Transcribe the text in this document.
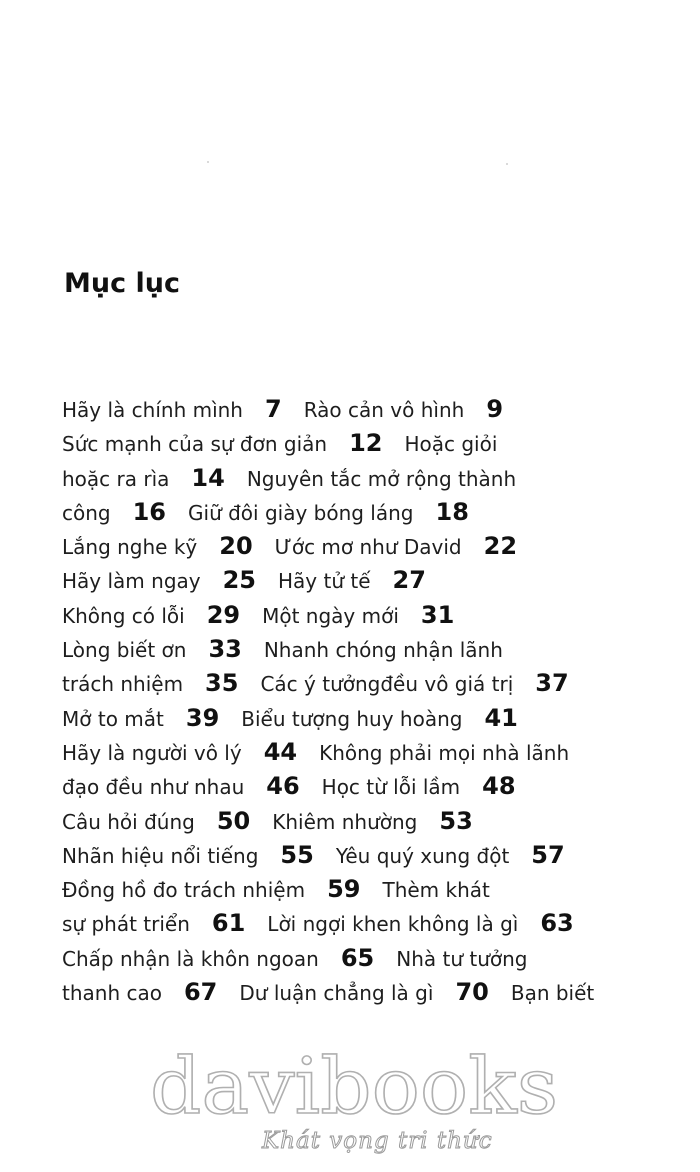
Mục lục
Hãy là chính mình 7 Rào cản vô hình 9
Sức mạnh của sự đơn giản 12 Hoặc giỏi
hoặc ra rìa 14 Nguyên tắc mở rộng thành
công 16 Giữ đôi giày bóng láng 18
Lắng nghe kỹ 20 Ước mơ như David 22
Hãy làm ngay 25 Hãy tử tế 27
Không có lỗi 29 Một ngày mới 31
Lòng biết ơn 33 Nhanh chóng nhận lãnh
trách nhiệm 35 Các ý tưởngđều vô giá trị 37
Mở to mắt 39 Biểu tượng huy hoàng 41
Hãy là người vô lý 44 Không phải mọi nhà lãnh
đạo đều như nhau 46 Học từ lỗi lầm 48
Câu hỏi đúng 50 Khiêm nhường 53
Nhãn hiệu nổi tiếng 55 Yêu quý xung đột 57
Đồng hồ đo trách nhiệm 59 Thèm khát
sự phát triển 61 Lời ngợi khen không là gì 63
Chấp nhận là khôn ngoan 65 Nhà tư tưởng
thanh cao 67 Dư luận chẳng là gì 70 Bạn biết
davibooks
Khát vọng tri thức
